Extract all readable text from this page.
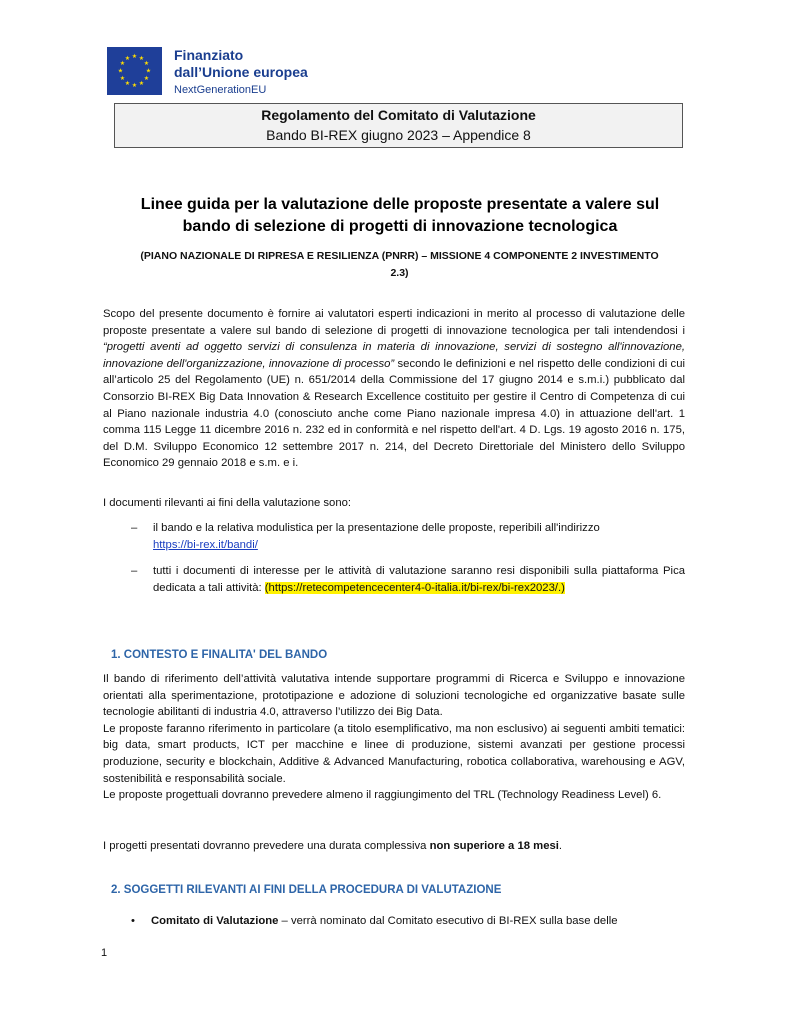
★ ★
★
★
★
★
★
★
★
★
★
★	Finanziato
dall’Unione europea
NextGenerationEU
Regolamento del Comitato di Valutazione
Bando BI-REX giugno 2023 – Appendice 8
Linee guida per la valutazione delle proposte presentate a valere sul
bando di selezione di progetti di innovazione tecnologica
(PIANO NAZIONALE DI RIPRESA E RESILIENZA (PNRR) – MISSIONE 4 COMPONENTE 2 INVESTIMENTO
2.3)
Scopo del presente documento è fornire ai valutatori esperti indicazioni in merito al processo di valutazione delle proposte presentate a valere sul bando di selezione di progetti di innovazione tecnologica per tali intendendosi i “progetti aventi ad oggetto servizi di consulenza in materia di innovazione, servizi di sostegno all'innovazione, innovazione dell'organizzazione, innovazione di processo” secondo le definizioni e nel rispetto delle condizioni di cui all’articolo 25 del Regolamento (UE) n. 651/2014 della Commissione del 17 giugno 2014 e s.m.i.) pubblicato dal Consorzio BI-REX Big Data Innovation & Research Excellence costituito per gestire il Centro di Competenza di cui al Piano nazionale industria 4.0 (conosciuto anche come Piano nazionale impresa 4.0) in attuazione dell'art. 1 comma 115 Legge 11 dicembre 2016 n. 232 ed in conformità e nel rispetto dell'art. 4 D. Lgs. 19 agosto 2016 n. 175, del D.M. Sviluppo Economico 12 settembre 2017 n. 214, del Decreto Direttoriale del Ministero dello Sviluppo Economico 29 gennaio 2018 e s.m. e i.
I documenti rilevanti ai fini della valutazione sono:
– il bando e la relativa modulistica per la presentazione delle proposte, reperibili all'indirizzo
https://bi-rex.it/bandi/
– tutti i documenti di interesse per le attività di valutazione saranno resi disponibili sulla piattaforma Pica dedicata a tali attività: (https://retecompetencecenter4-0-italia.it/bi-rex/bi-rex2023/.)
1. CONTESTO E FINALITA' DEL BANDO
Il bando di riferimento dell’attività valutativa intende supportare programmi di Ricerca e Sviluppo e innovazione orientati alla sperimentazione, prototipazione e adozione di soluzioni tecnologiche ed organizzative basate sulle tecnologie abilitanti di industria 4.0, attraverso l’utilizzo dei Big Data.
Le proposte faranno riferimento in particolare (a titolo esemplificativo, ma non esclusivo) ai seguenti ambiti tematici: big data, smart products, ICT per macchine e linee di produzione, sistemi avanzati per gestione processi produzione, security e blockchain, Additive & Advanced Manufacturing, robotica collaborativa, warehousing e AGV, sostenibilità e responsabilità sociale.
Le proposte progettuali dovranno prevedere almeno il raggiungimento del TRL (Technology Readiness Level) 6.
I progetti presentati dovranno prevedere una durata complessiva non superiore a 18 mesi.
2. SOGGETTI RILEVANTI AI FINI DELLA PROCEDURA DI VALUTAZIONE
• Comitato di Valutazione – verrà nominato dal Comitato esecutivo di BI-REX sulla base delle
1
